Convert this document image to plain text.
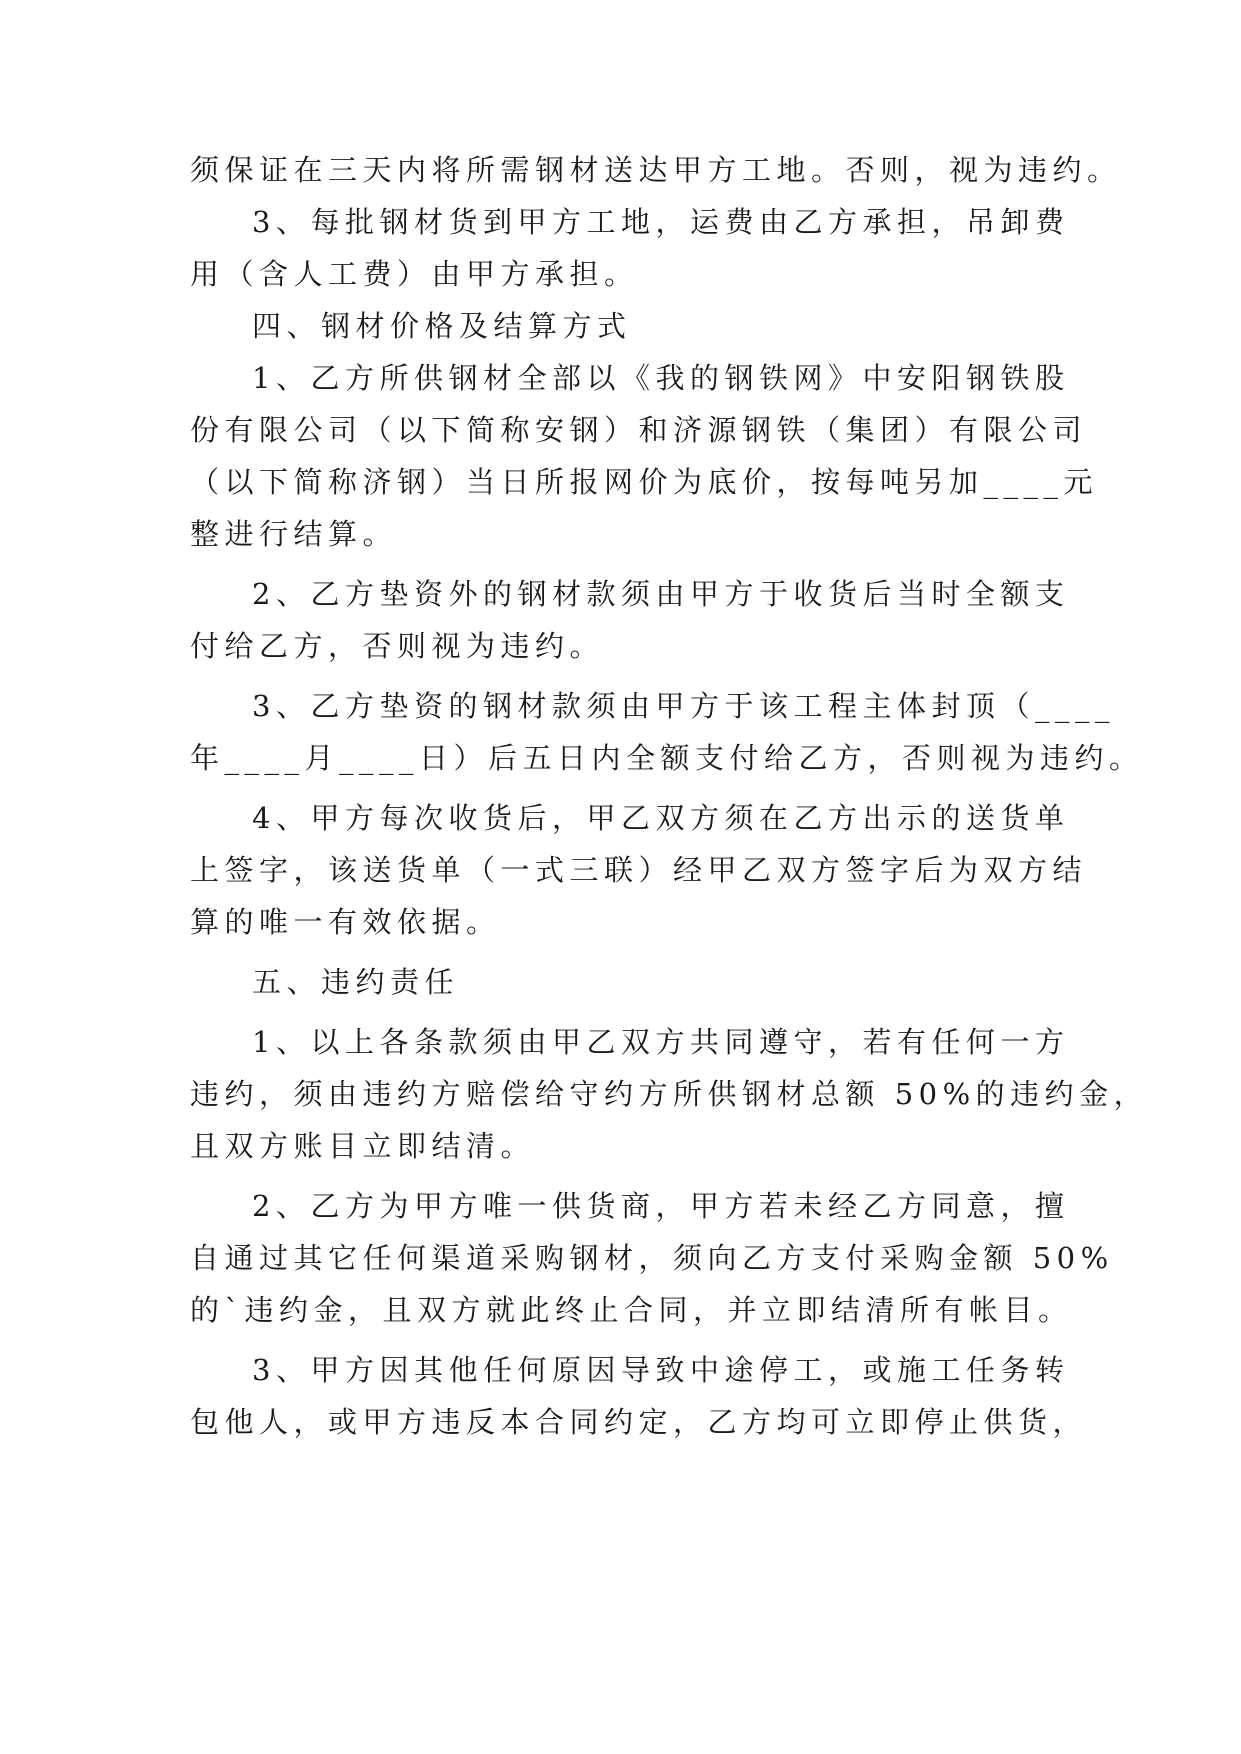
须保证在三天内将所需钢材送达甲方工地。否则，视为违约。

3、每批钢材货到甲方工地，运费由乙方承担，吊卸费

用（含人工费）由甲方承担。

四、钢材价格及结算方式

1、乙方所供钢材全部以《我的钢铁网》中安阳钢铁股

份有限公司（以下简称安钢）和济源钢铁（集团）有限公司

（以下简称济钢）当日所报网价为底价，按每吨另加____元

整进行结算。

2、乙方垫资外的钢材款须由甲方于收货后当时全额支

付给乙方，否则视为违约。

3、乙方垫资的钢材款须由甲方于该工程主体封顶（____

年____月____日）后五日内全额支付给乙方，否则视为违约。

4、甲方每次收货后，甲乙双方须在乙方出示的送货单

上签字，该送货单（一式三联）经甲乙双方签字后为双方结

算的唯一有效依据。

五、违约责任

1、以上各条款须由甲乙双方共同遵守，若有任何一方

违约，须由违约方赔偿给守约方所供钢材总额 50%的违约金，

且双方账目立即结清。

2、乙方为甲方唯一供货商，甲方若未经乙方同意，擅

自通过其它任何渠道采购钢材，须向乙方支付采购金额 50%

的`违约金，且双方就此终止合同，并立即结清所有帐目。

3、甲方因其他任何原因导致中途停工，或施工任务转

包他人，或甲方违反本合同约定，乙方均可立即停止供货，
